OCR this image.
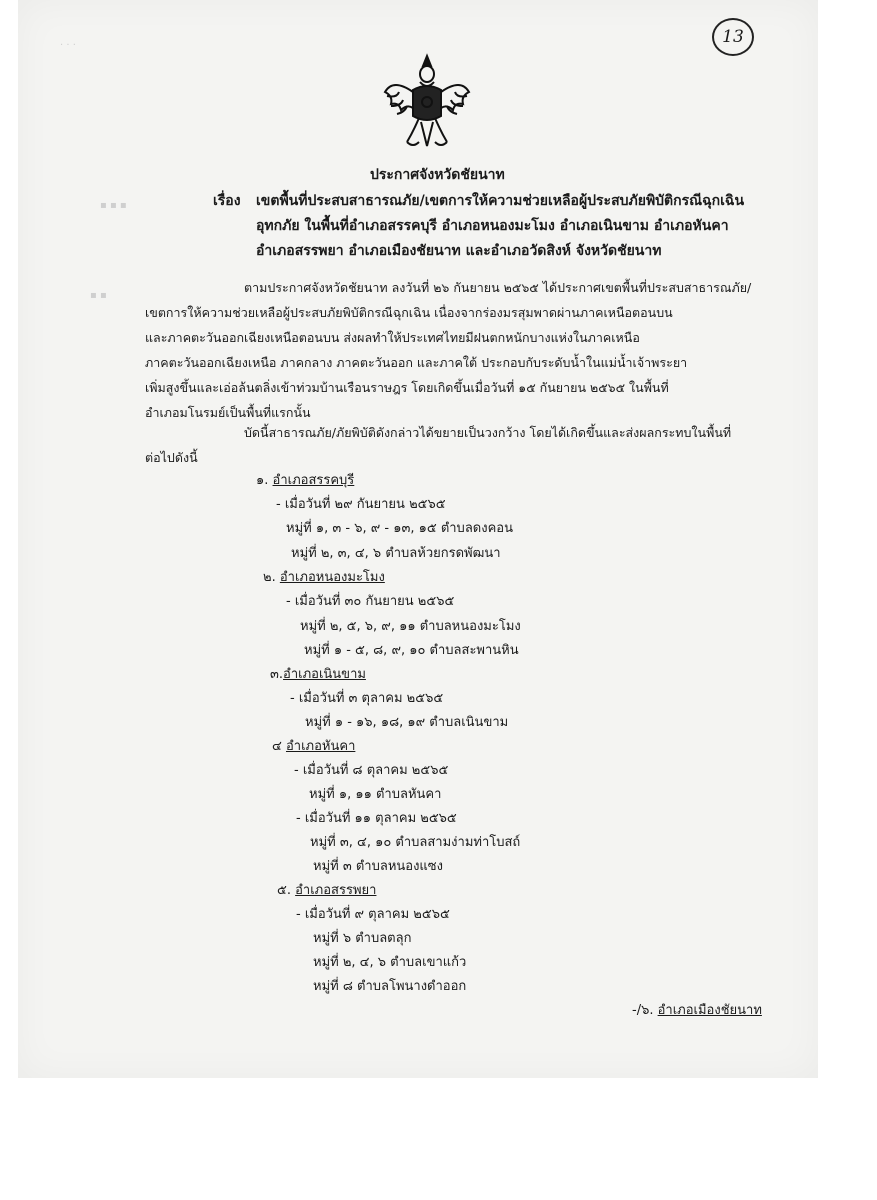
· · ·
▪ ▪ ▪
▪ ▪
13
ประกาศจังหวัดชัยนาท
เรื่อง เขตพื้นที่ประสบสาธารณภัย/เขตการให้ความช่วยเหลือผู้ประสบภัยพิบัติกรณีฉุกเฉิน
อุทกภัย ในพื้นที่อำเภอสรรคบุรี อำเภอหนองมะโมง อำเภอเนินขาม อำเภอหันคา
อำเภอสรรพยา อำเภอเมืองชัยนาท และอำเภอวัดสิงห์ จังหวัดชัยนาท
ตามประกาศจังหวัดชัยนาท ลงวันที่ ๒๖ กันยายน ๒๕๖๕ ได้ประกาศเขตพื้นที่ประสบสาธารณภัย/
เขตการให้ความช่วยเหลือผู้ประสบภัยพิบัติกรณีฉุกเฉิน เนื่องจากร่องมรสุมพาดผ่านภาคเหนือตอนบน
และภาคตะวันออกเฉียงเหนือตอนบน ส่งผลทำให้ประเทศไทยมีฝนตกหนักบางแห่งในภาคเหนือ
ภาคตะวันออกเฉียงเหนือ ภาคกลาง ภาคตะวันออก และภาคใต้ ประกอบกับระดับน้ำในแม่น้ำเจ้าพระยา
เพิ่มสูงขึ้นและเอ่อล้นตลิ่งเข้าท่วมบ้านเรือนราษฎร โดยเกิดขึ้นเมื่อวันที่ ๑๕ กันยายน ๒๕๖๕ ในพื้นที่
อำเภอมโนรมย์เป็นพื้นที่แรกนั้น
บัดนี้สาธารณภัย/ภัยพิบัติดังกล่าวได้ขยายเป็นวงกว้าง โดยได้เกิดขึ้นและส่งผลกระทบในพื้นที่
ต่อไปดังนี้
๑. อำเภอสรรคบุรี
- เมื่อวันที่ ๒๙ กันยายน ๒๕๖๕
หมู่ที่ ๑, ๓ - ๖, ๙ - ๑๓, ๑๕ ตำบลดงคอน
หมู่ที่ ๒, ๓, ๔, ๖ ตำบลห้วยกรดพัฒนา
๒. อำเภอหนองมะโมง
- เมื่อวันที่ ๓๐ กันยายน ๒๕๖๕
หมู่ที่ ๒, ๕, ๖, ๙, ๑๑ ตำบลหนองมะโมง
หมู่ที่ ๑ - ๕, ๘, ๙, ๑๐ ตำบลสะพานหิน
๓.อำเภอเนินขาม
- เมื่อวันที่ ๓ ตุลาคม ๒๕๖๕
หมู่ที่ ๑ - ๑๖, ๑๘, ๑๙ ตำบลเนินขาม
๔ อำเภอหันคา
- เมื่อวันที่ ๘ ตุลาคม ๒๕๖๕
หมู่ที่ ๑, ๑๑ ตำบลหันคา
- เมื่อวันที่ ๑๑ ตุลาคม ๒๕๖๕
หมู่ที่ ๓, ๔, ๑๐ ตำบลสามง่ามท่าโบสถ์
หมู่ที่ ๓ ตำบลหนองแซง
๕. อำเภอสรรพยา
- เมื่อวันที่ ๙ ตุลาคม ๒๕๖๕
หมู่ที่ ๖ ตำบลตลุก
หมู่ที่ ๒, ๔, ๖ ตำบลเขาแก้ว
หมู่ที่ ๘ ตำบลโพนางดำออก
-/๖. อำเภอเมืองชัยนาท
